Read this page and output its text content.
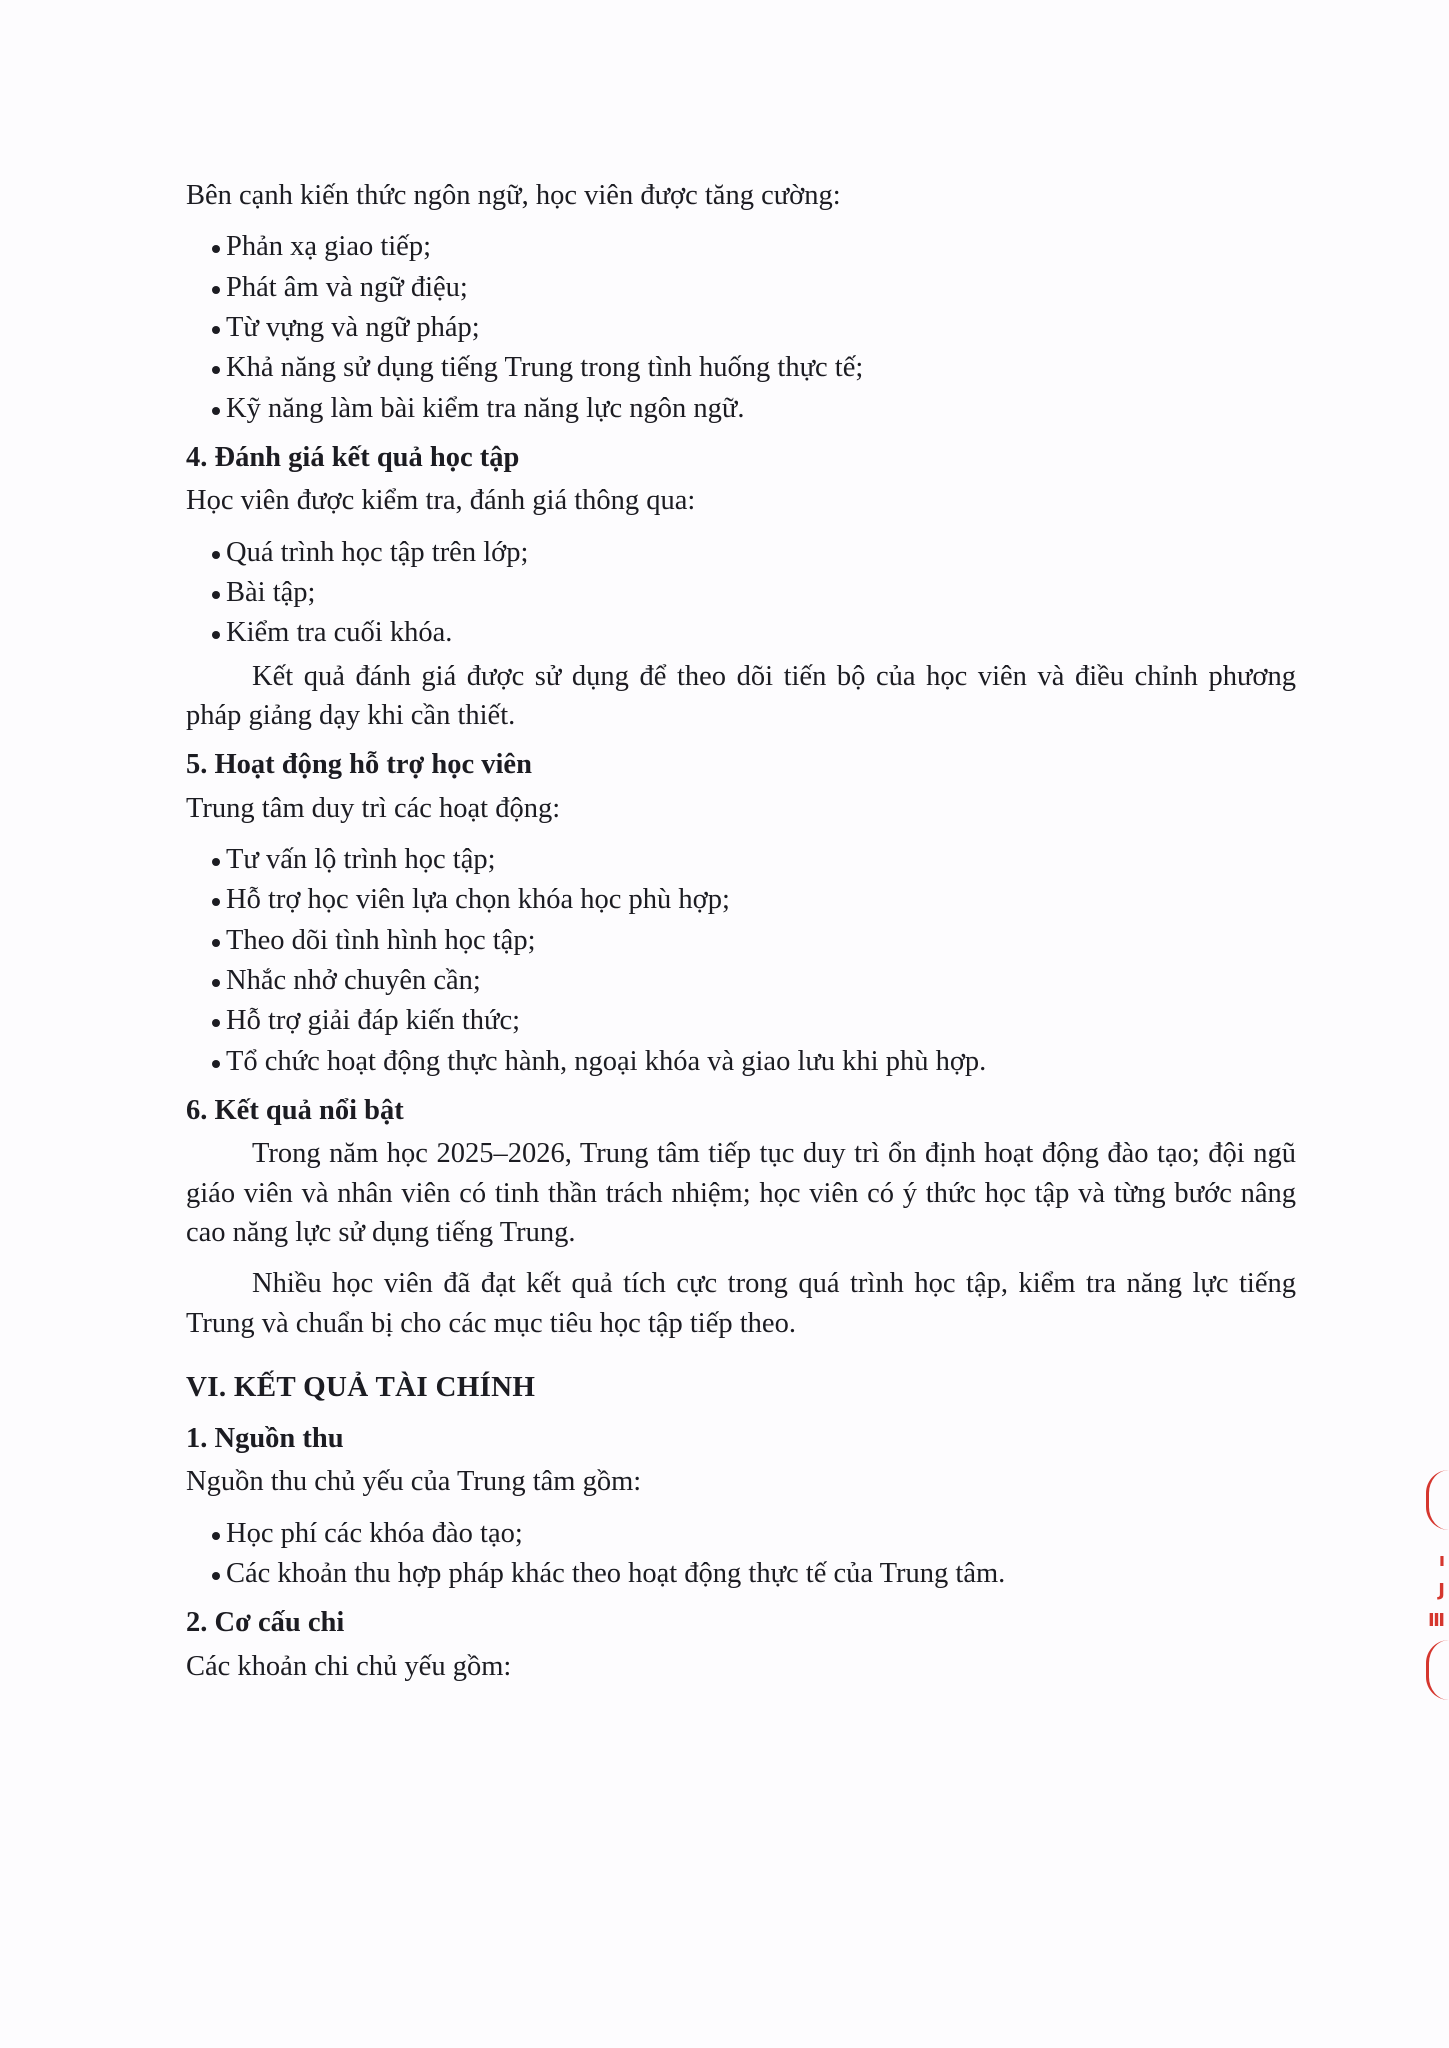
Bên cạnh kiến thức ngôn ngữ, học viên được tăng cường:

Phản xạ giao tiếp;
Phát âm và ngữ điệu;
Từ vựng và ngữ pháp;
Khả năng sử dụng tiếng Trung trong tình huống thực tế;
Kỹ năng làm bài kiểm tra năng lực ngôn ngữ.

4. Đánh giá kết quả học tập

Học viên được kiểm tra, đánh giá thông qua:

Quá trình học tập trên lớp;
Bài tập;
Kiểm tra cuối khóa.

Kết quả đánh giá được sử dụng để theo dõi tiến bộ của học viên và điều chỉnh phương pháp giảng dạy khi cần thiết.

5. Hoạt động hỗ trợ học viên

Trung tâm duy trì các hoạt động:

Tư vấn lộ trình học tập;
Hỗ trợ học viên lựa chọn khóa học phù hợp;
Theo dõi tình hình học tập;
Nhắc nhở chuyên cần;
Hỗ trợ giải đáp kiến thức;
Tổ chức hoạt động thực hành, ngoại khóa và giao lưu khi phù hợp.

6. Kết quả nổi bật

Trong năm học 2025–2026, Trung tâm tiếp tục duy trì ổn định hoạt động đào tạo; đội ngũ giáo viên và nhân viên có tinh thần trách nhiệm; học viên có ý thức học tập và từng bước nâng cao năng lực sử dụng tiếng Trung.

Nhiều học viên đã đạt kết quả tích cực trong quá trình học tập, kiểm tra năng lực tiếng Trung và chuẩn bị cho các mục tiêu học tập tiếp theo.

VI. KẾT QUẢ TÀI CHÍNH

1. Nguồn thu

Nguồn thu chủ yếu của Trung tâm gồm:

Học phí các khóa đào tạo;
Các khoản thu hợp pháp khác theo hoạt động thực tế của Trung tâm.

2. Cơ cấu chi

Các khoản chi chủ yếu gồm:

ı
J
Ⅲ
